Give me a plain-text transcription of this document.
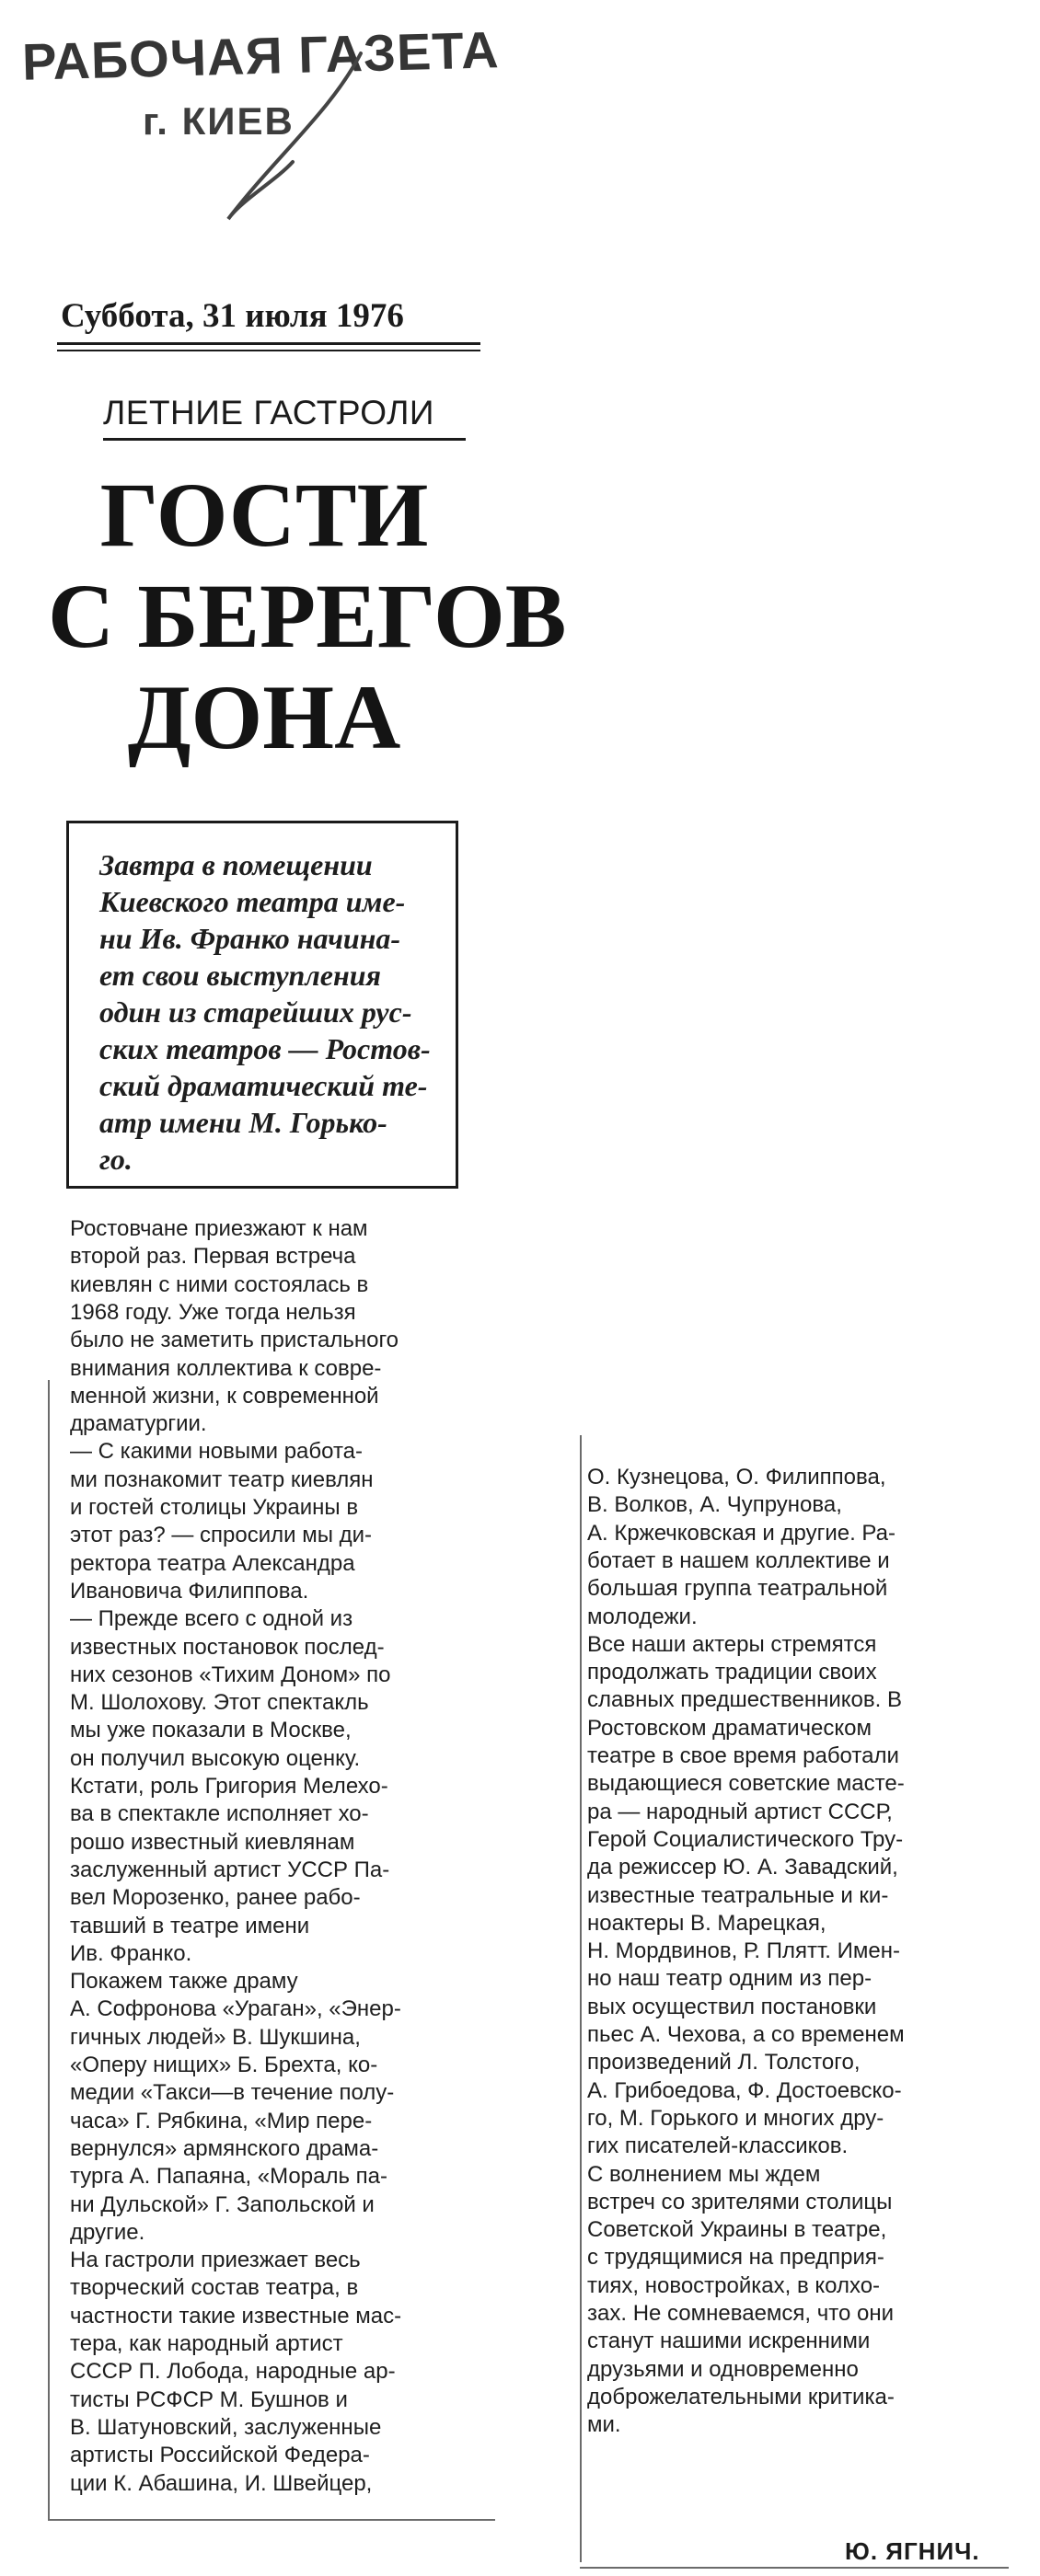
РАБОЧАЯ ГАЗЕТА
г. КИЕВ
Суббота, 31 июля 1976
ЛЕТНИЕ ГАСТРОЛИ
ГОСТИ
С БЕРЕГОВ
ДОНА
Завтра в помещении
Киевского театра име-
ни Ив. Франко начина-
ет свои выступления
один из старейших рус-
ских театров — Ростов-
ский драматический те-
атр имени М. Горько-
го.
Ростовчане приезжают к нам
второй раз. Первая встреча
киевлян с ними состоялась в
1968 году. Уже тогда нельзя
было не заметить пристального
внимания коллектива к совре-
менной жизни, к современной
драматургии.
— С какими новыми работа-
ми познакомит театр киевлян
и гостей столицы Украины в
этот раз? — спросили мы ди-
ректора театра Александра
Ивановича Филиппова.
— Прежде всего с одной из
известных постановок послед-
них сезонов «Тихим Доном» по
М. Шолохову. Этот спектакль
мы уже показали в Москве,
он получил высокую оценку.
Кстати, роль Григория Мелехо-
ва в спектакле исполняет хо-
рошо известный киевлянам
заслуженный артист УССР Па-
вел Морозенко, ранее рабо-
тавший в театре имени
Ив. Франко.
Покажем также драму
А. Софронова «Ураган», «Энер-
гичных людей» В. Шукшина,
«Оперу нищих» Б. Брехта, ко-
медии «Такси—в течение полу-
часа» Г. Рябкина, «Мир пере-
вернулся» армянского драма-
турга А. Папаяна, «Мораль па-
ни Дульской» Г. Запольской и
другие.
На гастроли приезжает весь
творческий состав театра, в
частности такие известные мас-
тера, как народный артист
СССР П. Лобода, народные ар-
тисты РСФСР М. Бушнов и
В. Шатуновский, заслуженные
артисты Российской Федера-
ции К. Абашина, И. Швейцер,
О. Кузнецова, О. Филиппова,
В. Волков, А. Чупрунова,
А. Кржечковская и другие. Ра-
ботает в нашем коллективе и
большая группа театральной
молодежи.
Все наши актеры стремятся
продолжать традиции своих
славных предшественников. В
Ростовском драматическом
театре в свое время работали
выдающиеся советские масте-
ра — народный артист СССР,
Герой Социалистического Тру-
да режиссер Ю. А. Завадский,
известные театральные и ки-
ноактеры В. Марецкая,
Н. Мордвинов, Р. Плятт. Имен-
но наш театр одним из пер-
вых осуществил постановки
пьес А. Чехова, а со временем
произведений Л. Толстого,
А. Грибоедова, Ф. Достоевско-
го, М. Горького и многих дру-
гих писателей-классиков.
С волнением мы ждем
встреч со зрителями столицы
Советской Украины в театре,
с трудящимися на предприя-
тиях, новостройках, в колхо-
зах. Не сомневаемся, что они
станут нашими искренними
друзьями и одновременно
доброжелательными критика-
ми.
Ю. ЯГНИЧ.
